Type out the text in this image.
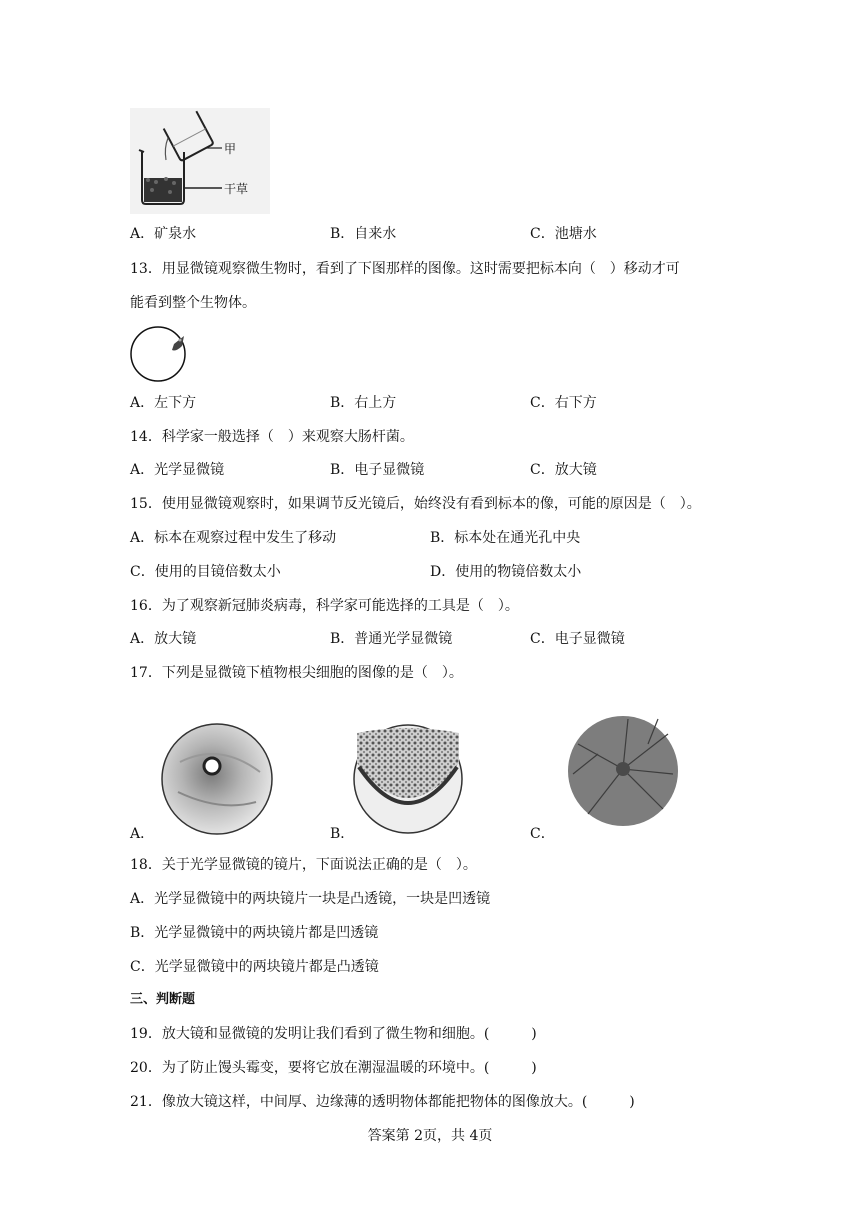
甲
干草
A．矿泉水	B．自来水	C．池塘水
13．用显微镜观察微生物时，看到了下图那样的图像。这时需要把标本向（　）移动才可
能看到整个生物体。
A．左下方	B．右上方	C．右下方
14．科学家一般选择（　）来观察大肠杆菌。
A．光学显微镜	B．电子显微镜	C．放大镜
15．使用显微镜观察时，如果调节反光镜后，始终没有看到标本的像，可能的原因是（　）。
A．标本在观察过程中发生了移动	B．标本处在通光孔中央
C．使用的目镜倍数太小	D．使用的物镜倍数太小
16．为了观察新冠肺炎病毒，科学家可能选择的工具是（　）。
A．放大镜	B．普通光学显微镜	C．电子显微镜
17．下列是显微镜下植物根尖细胞的图像的是（　）。
A．	B．	C．
18．关于光学显微镜的镜片，下面说法正确的是（　）。
A．光学显微镜中的两块镜片一块是凸透镜，一块是凹透镜
B．光学显微镜中的两块镜片都是凹透镜
C．光学显微镜中的两块镜片都是凸透镜
三、判断题
19．放大镜和显微镜的发明让我们看到了微生物和细胞。(　　　)
20．为了防止馒头霉变，要将它放在潮湿温暖的环境中。(　　　)
21．像放大镜这样，中间厚、边缘薄的透明物体都能把物体的图像放大。(　　　)
答案第 2页，共 4页
